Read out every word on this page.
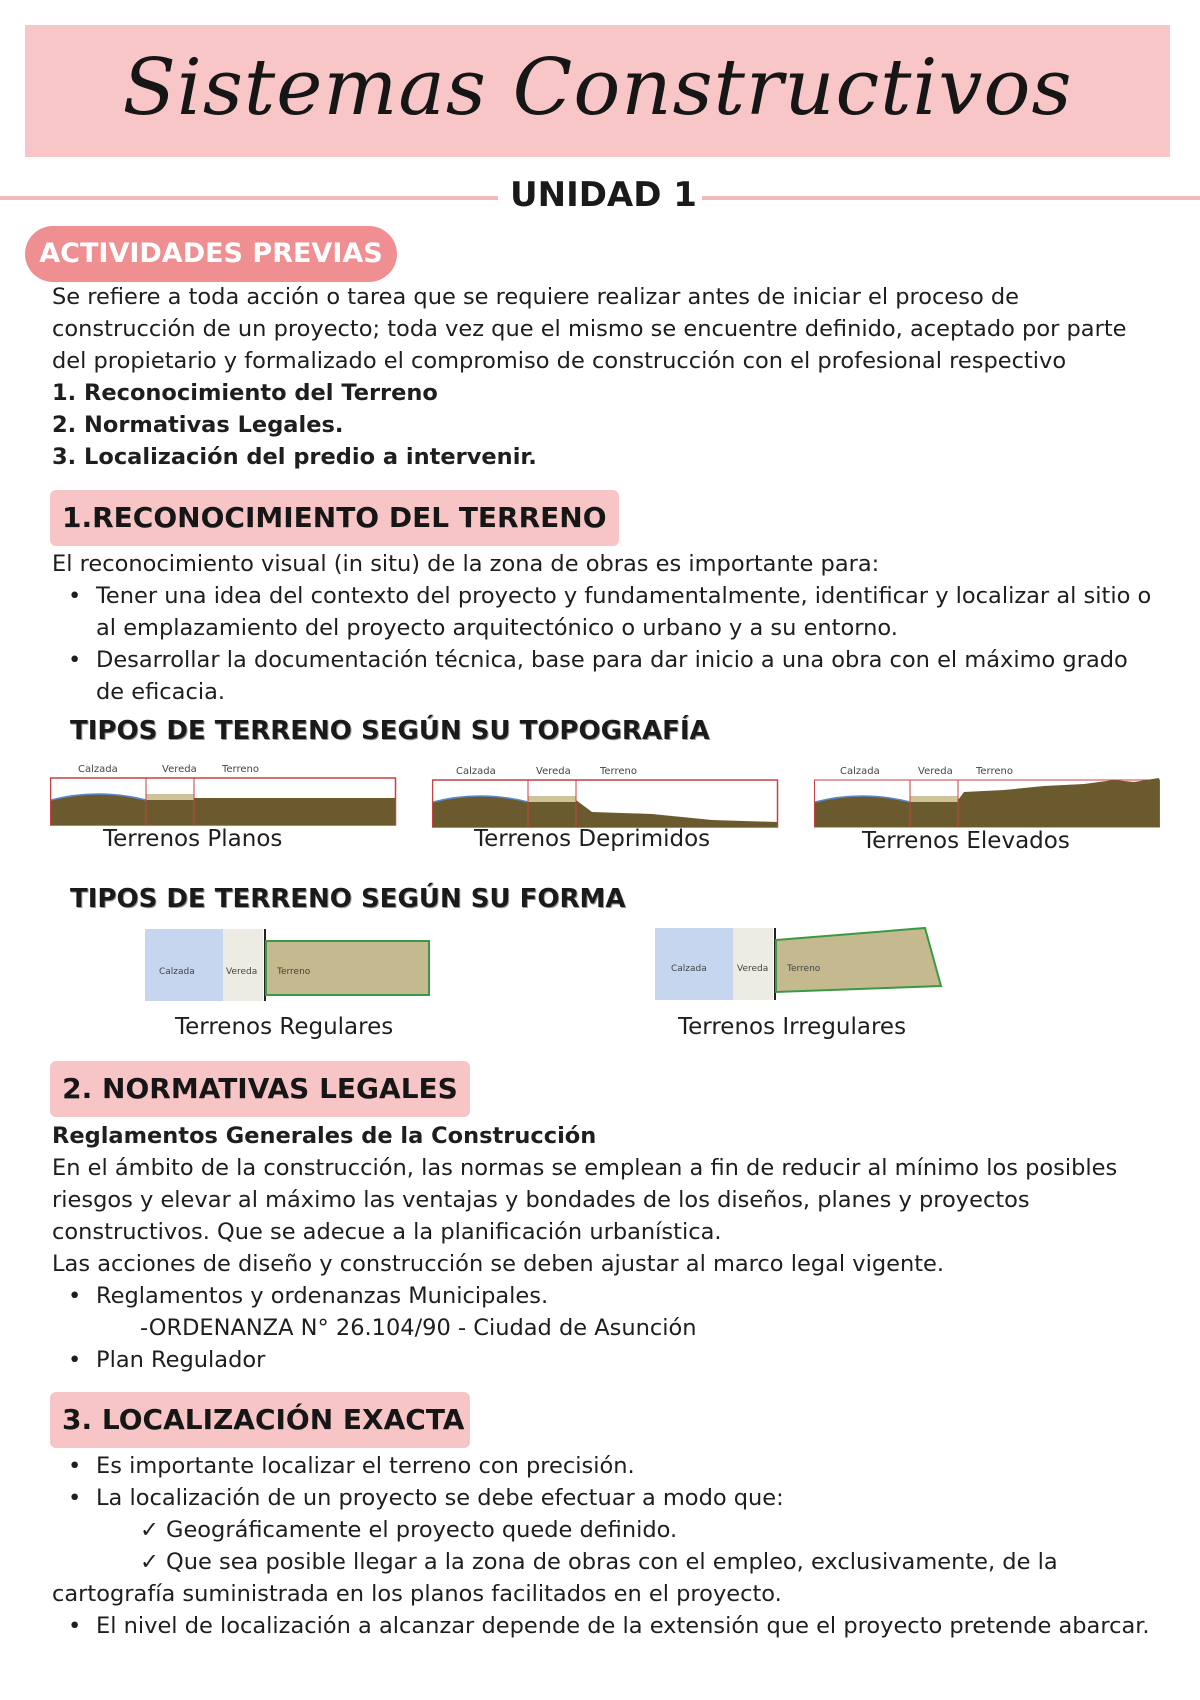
Sistemas Constructivos
UNIDAD 1
ACTIVIDADES PREVIAS
Se refiere a toda acción o tarea que se requiere realizar antes de iniciar el proceso de
construcción de un proyecto; toda vez que el mismo se encuentre definido, aceptado por parte
del propietario y formalizado el compromiso de construcción con el profesional respectivo
1. Reconocimiento del Terreno
2. Normativas Legales.
3. Localización del predio a intervenir.
1.RECONOCIMIENTO DEL TERRENO
El reconocimiento visual (in situ) de la zona de obras es importante para:
• Tener una idea del contexto del proyecto y fundamentalmente, identificar y localizar al sitio o al emplazamiento del proyecto arquitectónico o urbano y a su entorno.
• Desarrollar la documentación técnica, base para dar inicio a una obra con el máximo grado de eficacia.
TIPOS DE TERRENO SEGÚN SU TOPOGRAFÍA
Calzada	Vereda	Terreno
Terrenos Planos
Calzada	Vereda	Terreno
Terrenos Deprimidos
Calzada	Vereda Terreno
Terrenos Elevados
TIPOS DE TERRENO SEGÚN SU FORMA
Calzada	Vereda Terreno
Terrenos Regulares
Calzada	Vereda Terreno
Terrenos Irregulares
2. NORMATIVAS LEGALES
Reglamentos Generales de la Construcción
En el ámbito de la construcción, las normas se emplean a fin de reducir al mínimo los posibles
riesgos y elevar al máximo las ventajas y bondades de los diseños, planes y proyectos
constructivos. Que se adecue a la planificación urbanística.
Las acciones de diseño y construcción se deben ajustar al marco legal vigente.
• Reglamentos y ordenanzas Municipales.
-ORDENANZA N° 26.104/90 - Ciudad de Asunción
• Plan Regulador
3. LOCALIZACIÓN EXACTA
• Es importante localizar el terreno con precisión.
• La localización de un proyecto se debe efectuar a modo que:
✓ Geográficamente el proyecto quede definido.
✓ Que sea posible llegar a la zona de obras con el empleo, exclusivamente, de la
cartografía suministrada en los planos facilitados en el proyecto.
• El nivel de localización a alcanzar depende de la extensión que el proyecto pretende abarcar.
